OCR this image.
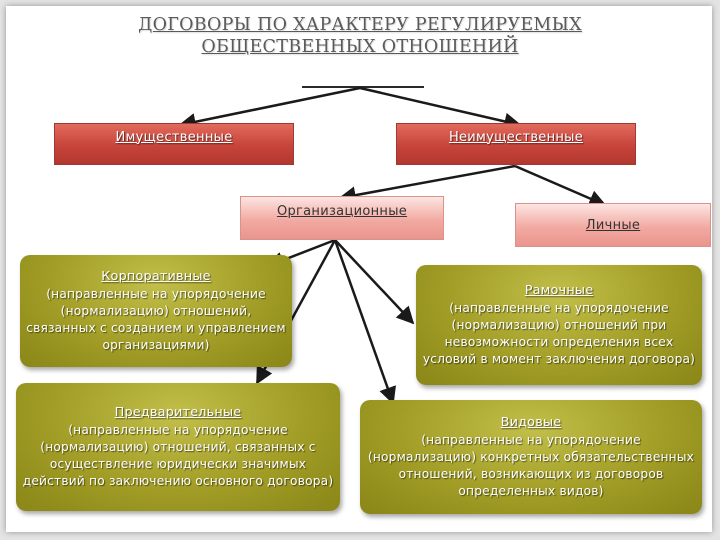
ДОГОВОРЫ ПО ХАРАКТЕРУ РЕГУЛИРУЕМЫХ
ОБЩЕСТВЕННЫХ ОТНОШЕНИЙ
Имущественные	Неимущественные
Организационные
Личные
Корпоративные
(направленные на упорядочение (нормализацию) отношений, связанных с созданием и управлением организациями)
Рамочные
(направленные на упорядочение (нормализацию) отношений при невозможности определения всех условий в момент заключения договора)
Предварительные
(направленные на упорядочение (нормализацию) отношений, связанных с осуществление юридически значимых действий по заключению основного договора)
Видовые
(направленные на упорядочение (нормализацию) конкретных обязательственных отношений, возникающих из договоров определенных видов)
